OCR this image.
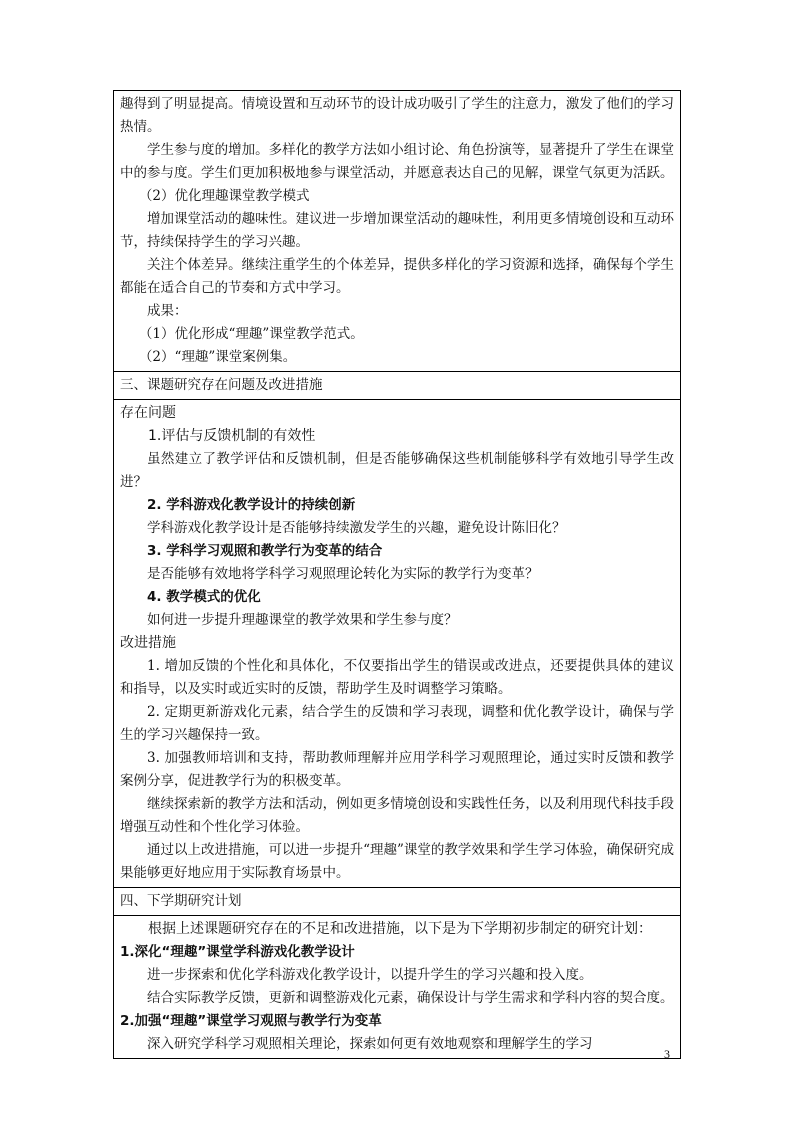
趣得到了明显提高。情境设置和互动环节的设计成功吸引了学生的注意力，激发了他们的学习热情。

学生参与度的增加。多样化的教学方法如小组讨论、角色扮演等，显著提升了学生在课堂中的参与度。学生们更加积极地参与课堂活动，并愿意表达自己的见解，课堂气氛更为活跃。

（2）优化理趣课堂教学模式

增加课堂活动的趣味性。建议进一步增加课堂活动的趣味性，利用更多情境创设和互动环节，持续保持学生的学习兴趣。

关注个体差异。继续注重学生的个体差异，提供多样化的学习资源和选择，确保每个学生都能在适合自己的节奏和方式中学习。

成果：

（1）优化形成“理趣”课堂教学范式。

（2）“理趣”课堂案例集。

三、课题研究存在问题及改进措施

存在问题

1.评估与反馈机制的有效性

虽然建立了教学评估和反馈机制，但是否能够确保这些机制能够科学有效地引导学生改进？

2. 学科游戏化教学设计的持续创新

学科游戏化教学设计是否能够持续激发学生的兴趣，避免设计陈旧化？

3. 学科学习观照和教学行为变革的结合

是否能够有效地将学科学习观照理论转化为实际的教学行为变革？

4. 教学模式的优化

如何进一步提升理趣课堂的教学效果和学生参与度？

改进措施

1. 增加反馈的个性化和具体化，不仅要指出学生的错误或改进点，还要提供具体的建议和指导，以及实时或近实时的反馈，帮助学生及时调整学习策略。

2. 定期更新游戏化元素，结合学生的反馈和学习表现，调整和优化教学设计，确保与学生的学习兴趣保持一致。

3. 加强教师培训和支持，帮助教师理解并应用学科学习观照理论，通过实时反馈和教学案例分享，促进教学行为的积极变革。

继续探索新的教学方法和活动，例如更多情境创设和实践性任务，以及利用现代科技手段增强互动性和个性化学习体验。

通过以上改进措施，可以进一步提升“理趣”课堂的教学效果和学生学习体验，确保研究成果能够更好地应用于实际教育场景中。

四、下学期研究计划

根据上述课题研究存在的不足和改进措施，以下是为下学期初步制定的研究计划：

1.深化“理趣”课堂学科游戏化教学设计

进一步探索和优化学科游戏化教学设计，以提升学生的学习兴趣和投入度。

结合实际教学反馈，更新和调整游戏化元素，确保设计与学生需求和学科内容的契合度。

2.加强“理趣”课堂学习观照与教学行为变革

深入研究学科学习观照相关理论，探索如何更有效地观察和理解学生的学习

3
